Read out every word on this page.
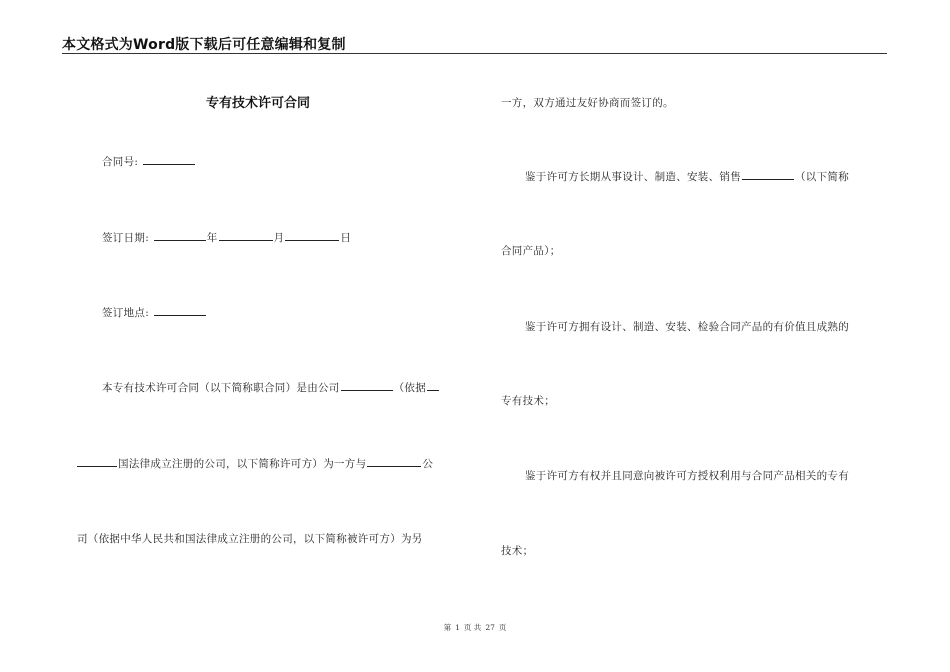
本文格式为Word版下载后可任意编辑和复制
专有技术许可合同
合同号:
签订日期:	年	月	日
签订地点:
本专有技术许可合同（以下简称职合同）是由公司	（依据
国法律成立注册的公司，以下简称许可方）为一方与	公
司（依据中华人民共和国法律成立注册的公司，以下简称被许可方）为另
一方，双方通过友好协商而签订的。
鉴于许可方长期从事设计、制造、安装、销售	（以下简称
合同产品）；
鉴于许可方拥有设计、制造、安装、检验合同产品的有价值且成熟的
专有技术；
鉴于许可方有权并且同意向被许可方授权利用与合同产品相关的专有
技术；
第 1 页 共 27 页
